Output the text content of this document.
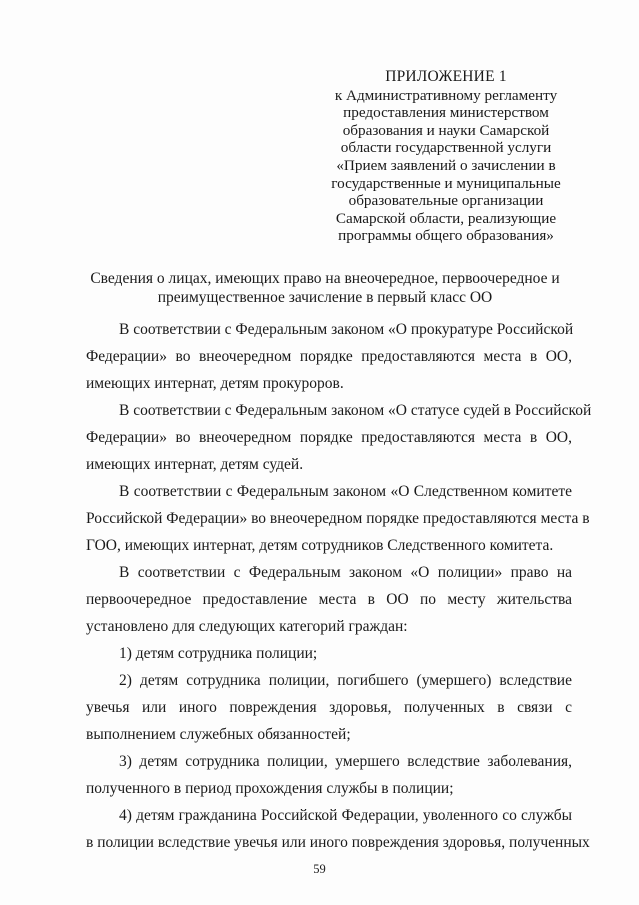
ПРИЛОЖЕНИЕ 1
к Административному регламенту
предоставления министерством
образования и науки Самарской
области государственной услуги
«Прием заявлений о зачислении в
государственные и муниципальные
образовательные организации
Самарской области, реализующие
программы общего образования»
Сведения о лицах, имеющих право на внеочередное, первоочередное и
преимущественное зачисление в первый класс ОО
В соответствии с Федеральным законом «О прокуратуре Российской
Федерации» во внеочередном порядке предоставляются места в ОО,
имеющих интернат, детям прокуроров.
В соответствии с Федеральным законом «О статусе судей в Российской
Федерации» во внеочередном порядке предоставляются места в ОО,
имеющих интернат, детям судей.
В соответствии с Федеральным законом «О Следственном комитете
Российской Федерации» во внеочередном порядке предоставляются места в
ГОО, имеющих интернат, детям сотрудников Следственного комитета.
В соответствии с Федеральным законом «О полиции» право на
первоочередное предоставление места в ОО по месту жительства
установлено для следующих категорий граждан:
1) детям сотрудника полиции;
2) детям сотрудника полиции, погибшего (умершего) вследствие
увечья или иного повреждения здоровья, полученных в связи с
выполнением служебных обязанностей;
3) детям сотрудника полиции, умершего вследствие заболевания,
полученного в период прохождения службы в полиции;
4) детям гражданина Российской Федерации, уволенного со службы
в полиции вследствие увечья или иного повреждения здоровья, полученных
59
